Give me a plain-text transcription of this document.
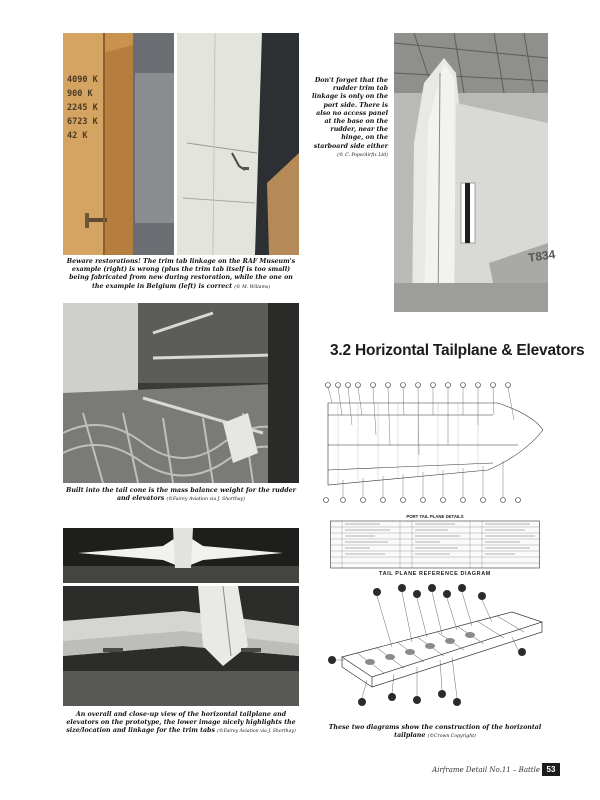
4090 K
900 K
2245 K
6723 K
42 K
Beware restorations! The trim tab linkage on the RAF Museum's example (right) is wrong (plus the trim tab itself is too small) being fabricated from new during restoration, while the one on the example in Belgium (left) is correct (© M. Willams)
Don't forget that the rudder trim tab linkage is only on the port side. There is also no access panel at the base on the rudder, near the hinge, on the starboard side either (© C. Pope/Airfix Ltd)
T834
Built into the tail cone is the mass balance weight for the rudder and elevators (©Fairey Aviation via J. Shorthay)
An overall and close-up view of the horizontal tailplane and elevators on the prototype, the lower image nicely highlights the size/location and linkage for the trim tabs (©Fairey Aviation via J. Shorthay)
3.2 Horizontal Tailplane & Elevators
PORT TAIL PLANE DETAILS
TAIL PLANE REFERENCE DIAGRAM
These two diagrams show the construction of the horizontal tailplane (©Crown Copyright)
Airframe Detail No.11 – Battle 53
